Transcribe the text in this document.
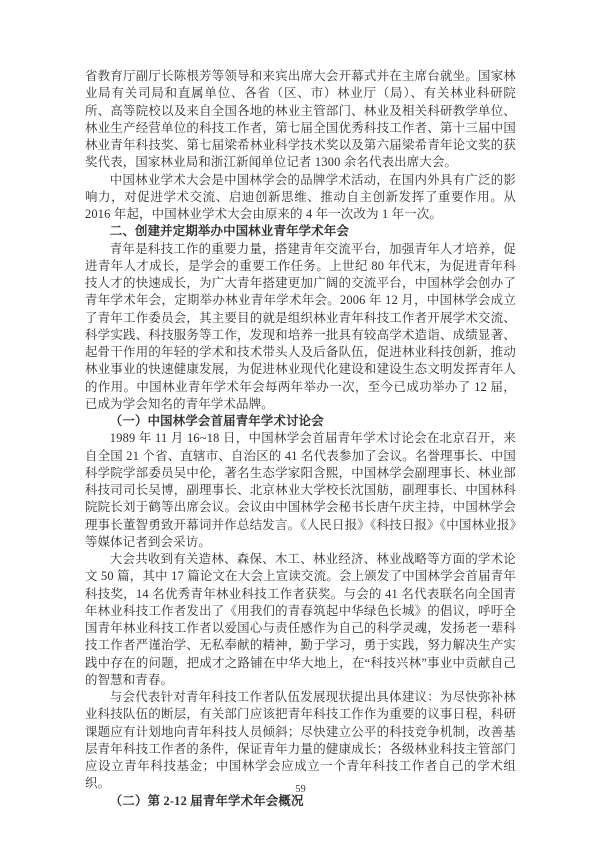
省教育厅副厅长陈根芳等领导和来宾出席大会开幕式并在主席台就坐。国家林业局有关司局和直属单位、各省（区、市）林业厅（局）、有关林业科研院所、高等院校以及来自全国各地的林业主管部门、林业及相关科研教学单位、林业生产经营单位的科技工作者，第七届全国优秀科技工作者、第十三届中国林业青年科技奖、第七届梁希林业科学技术奖以及第六届梁希青年论文奖的获奖代表，国家林业局和浙江新闻单位记者 1300 余名代表出席大会。

中国林业学术大会是中国林学会的品牌学术活动，在国内外具有广泛的影响力，对促进学术交流、启迪创新思维、推动自主创新发挥了重要作用。从 2016 年起，中国林业学术大会由原来的 4 年一次改为 1 年一次。

二、创建并定期举办中国林业青年学术年会

青年是科技工作的重要力量，搭建青年交流平台，加强青年人才培养，促进青年人才成长，是学会的重要工作任务。上世纪 80 年代末，为促进青年科技人才的快速成长，为广大青年搭建更加广阔的交流平台，中国林学会创办了青年学术年会，定期举办林业青年学术年会。2006 年 12 月，中国林学会成立了青年工作委员会，其主要目的就是组织林业青年科技工作者开展学术交流、科学实践、科技服务等工作，发现和培养一批具有较高学术造诣、成绩显著、起骨干作用的年轻的学术和技术带头人及后备队伍，促进林业科技创新，推动林业事业的快速健康发展，为促进林业现代化建设和建设生态文明发挥青年人的作用。中国林业青年学术年会每两年举办一次，至今已成功举办了 12 届，已成为学会知名的青年学术品牌。

（一）中国林学会首届青年学术讨论会

1989 年 11 月 16~18 日，中国林学会首届青年学术讨论会在北京召开，来自全国 21 个省、直辖市、自治区的 41 名代表参加了会议。名誉理事长、中国科学院学部委员吴中伦，著名生态学家阳含熙，中国林学会副理事长、林业部科技司司长吴博，副理事长、北京林业大学校长沈国舫，副理事长、中国林科院院长刘于鹤等出席会议。会议由中国林学会秘书长唐午庆主持，中国林学会理事长董智勇致开幕词并作总结发言。《人民日报》《科技日报》《中国林业报》等媒体记者到会采访。

大会共收到有关造林、森保、木工、林业经济、林业战略等方面的学术论文 50 篇，其中 17 篇论文在大会上宣读交流。会上颁发了中国林学会首届青年科技奖，14 名优秀青年林业科技工作者获奖。与会的 41 名代表联名向全国青年林业科技工作者发出了《用我们的青春筑起中华绿色长城》的倡议，呼吁全国青年林业科技工作者以爱国心与责任感作为自己的科学灵魂，发扬老一辈科技工作者严谨治学、无私奉献的精神，勤于学习，勇于实践，努力解决生产实践中存在的问题，把成才之路铺在中华大地上，在“科技兴林”事业中贡献自己的智慧和青春。

与会代表针对青年科技工作者队伍发展现状提出具体建议：为尽快弥补林业科技队伍的断层，有关部门应该把青年科技工作作为重要的议事日程，科研课题应有计划地向青年科技人员倾斜；尽快建立公平的科技竞争机制，改善基层青年科技工作者的条件，保证青年力量的健康成长；各级林业科技主管部门应设立青年科技基金；中国林学会应成立一个青年科技工作者自己的学术组织。

（二）第 2-12 届青年学术年会概况
59
